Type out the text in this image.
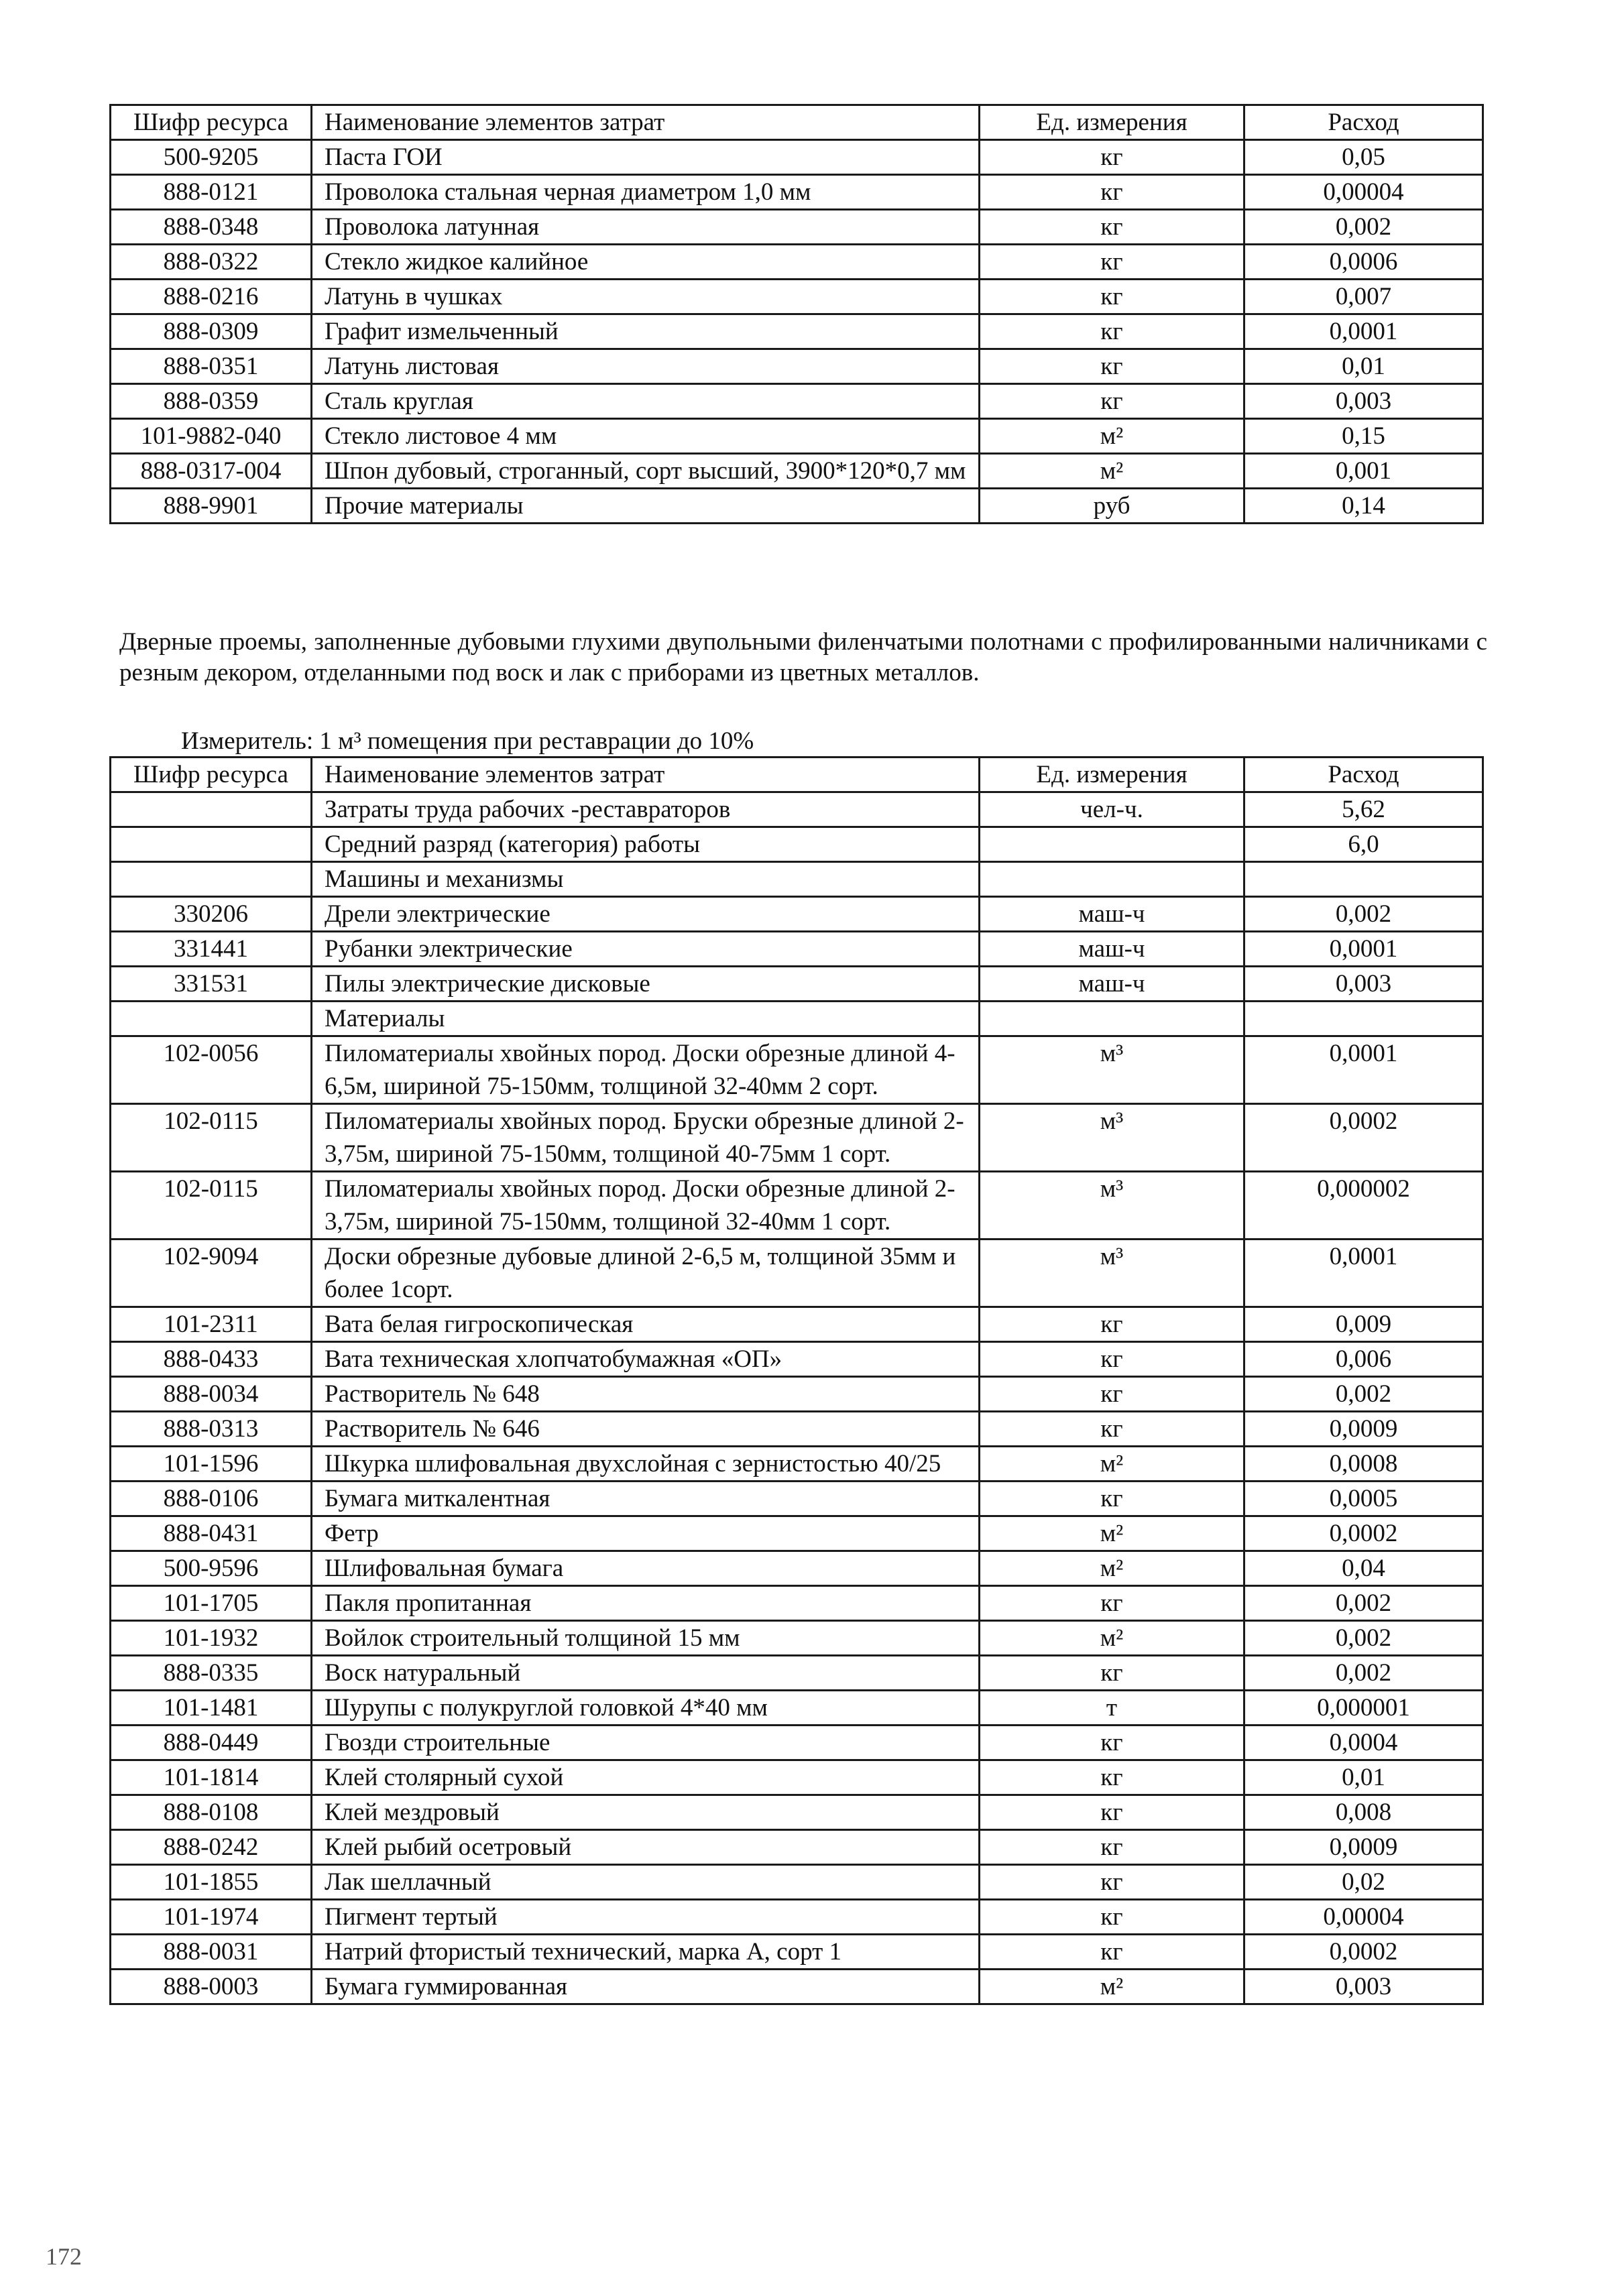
Шифр ресурса	Наименование элементов затрат	Ед. измерения	Расход
500-9205	Паста ГОИ	кг	0,05
888-0121	Проволока стальная черная диаметром 1,0 мм	кг	0,00004
888-0348	Проволока латунная	кг	0,002
888-0322	Стекло жидкое калийное	кг	0,0006
888-0216	Латунь в чушках	кг	0,007
888-0309	Графит измельченный	кг	0,0001
888-0351	Латунь листовая	кг	0,01
888-0359	Сталь круглая	кг	0,003
101-9882-040	Стекло листовое 4 мм	м²	0,15
888-0317-004	Шпон дубовый, строганный, сорт высший, 3900*120*0,7 мм	м²	0,001
888-9901	Прочие материалы	руб	0,14
Дверные проемы, заполненные дубовыми глухими двупольными филенчатыми полотнами с профилированными наличниками с резным декором, отделанными под воск и лак с приборами из цветных металлов.
Измеритель: 1 м³ помещения при реставрации до 10%
Шифр ресурса	Наименование элементов затрат	Ед. измерения	Расход
	Затраты труда рабочих -реставраторов	чел-ч.	5,62
	Средний разряд (категория) работы		6,0
	Машины и механизмы		
330206	Дрели электрические	маш-ч	0,002
331441	Рубанки электрические	маш-ч	0,0001
331531	Пилы электрические дисковые	маш-ч	0,003
	Материалы		
102-0056	Пиломатериалы хвойных пород. Доски обрезные длиной 4-6,5м, шириной 75-150мм, толщиной 32-40мм 2 сорт.	м³	0,0001
102-0115	Пиломатериалы хвойных пород. Бруски обрезные длиной 2-3,75м, шириной 75-150мм, толщиной 40-75мм 1 сорт.	м³	0,0002
102-0115	Пиломатериалы хвойных пород. Доски обрезные длиной 2-3,75м, шириной 75-150мм, толщиной 32-40мм 1 сорт.	м³	0,000002
102-9094	Доски обрезные дубовые длиной 2-6,5 м, толщиной 35мм и более 1сорт.	м³	0,0001
101-2311	Вата белая гигроскопическая	кг	0,009
888-0433	Вата техническая хлопчатобумажная «ОП»	кг	0,006
888-0034	Растворитель № 648	кг	0,002
888-0313	Растворитель № 646	кг	0,0009
101-1596	Шкурка шлифовальная двухслойная с зернистостью 40/25	м²	0,0008
888-0106	Бумага миткалентная	кг	0,0005
888-0431	Фетр	м²	0,0002
500-9596	Шлифовальная бумага	м²	0,04
101-1705	Пакля пропитанная	кг	0,002
101-1932	Войлок строительный толщиной 15 мм	м²	0,002
888-0335	Воск натуральный	кг	0,002
101-1481	Шурупы с полукруглой головкой 4*40 мм	т	0,000001
888-0449	Гвозди строительные	кг	0,0004
101-1814	Клей столярный сухой	кг	0,01
888-0108	Клей мездровый	кг	0,008
888-0242	Клей рыбий осетровый	кг	0,0009
101-1855	Лак шеллачный	кг	0,02
101-1974	Пигмент тертый	кг	0,00004
888-0031	Натрий фтористый технический, марка А, сорт 1	кг	0,0002
888-0003	Бумага гуммированная	м²	0,003
172
